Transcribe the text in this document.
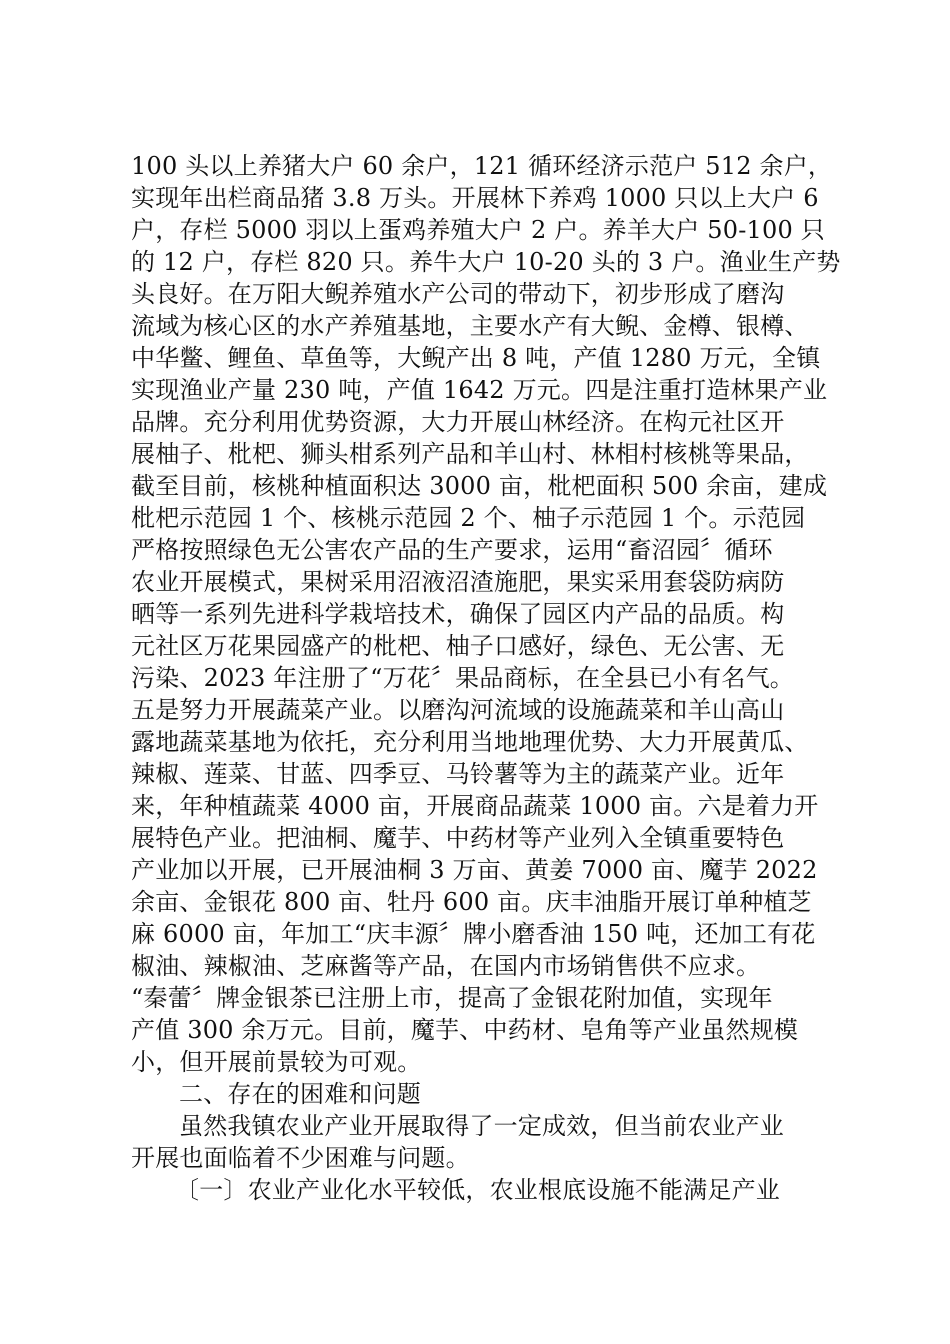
100 头以上养猪大户 60 余户，121 循环经济示范户 512 余户，
实现年出栏商品猪 3.8 万头。开展林下养鸡 1000 只以上大户 6
户，存栏 5000 羽以上蛋鸡养殖大户 2 户。养羊大户 50-100 只
的 12 户，存栏 820 只。养牛大户 10-20 头的 3 户。渔业生产势
头良好。在万阳大鲵养殖水产公司的带动下，初步形成了磨沟
流域为核心区的水产养殖基地，主要水产有大鲵、金樽、银樽、
中华鳖、鲤鱼、草鱼等，大鲵产出 8 吨，产值 1280 万元，全镇
实现渔业产量 230 吨，产值 1642 万元。四是注重打造林果产业
品牌。充分利用优势资源，大力开展山林经济。在构元社区开
展柚子、枇杷、狮头柑系列产品和羊山村、林相村核桃等果品，
截至目前，核桃种植面积达 3000 亩，枇杷面积 500 余亩，建成
枇杷示范园 1 个、核桃示范园 2 个、柚子示范园 1 个。示范园
严格按照绿色无公害农产品的生产要求，运用“畜沼园〞循环
农业开展模式，果树采用沼液沼渣施肥，果实采用套袋防病防
晒等一系列先进科学栽培技术，确保了园区内产品的品质。构
元社区万花果园盛产的枇杷、柚子口感好，绿色、无公害、无
污染、2023 年注册了“万花〞果品商标，在全县已小有名气。
五是努力开展蔬菜产业。以磨沟河流域的设施蔬菜和羊山高山
露地蔬菜基地为依托，充分利用当地地理优势、大力开展黄瓜、
辣椒、莲菜、甘蓝、四季豆、马铃薯等为主的蔬菜产业。近年
来，年种植蔬菜 4000 亩，开展商品蔬菜 1000 亩。六是着力开
展特色产业。把油桐、魔芋、中药材等产业列入全镇重要特色
产业加以开展，已开展油桐 3 万亩、黄姜 7000 亩、魔芋 2022
余亩、金银花 800 亩、牡丹 600 亩。庆丰油脂开展订单种植芝
麻 6000 亩，年加工“庆丰源〞牌小磨香油 150 吨，还加工有花
椒油、辣椒油、芝麻酱等产品，在国内市场销售供不应求。
“秦蕾〞牌金银茶已注册上市，提高了金银花附加值，实现年
产值 300 余万元。目前，魔芋、中药材、皂角等产业虽然规模
小，但开展前景较为可观。
二、存在的困难和问题
虽然我镇农业产业开展取得了一定成效，但当前农业产业
开展也面临着不少困难与问题。
〔一〕农业产业化水平较低，农业根底设施不能满足产业
